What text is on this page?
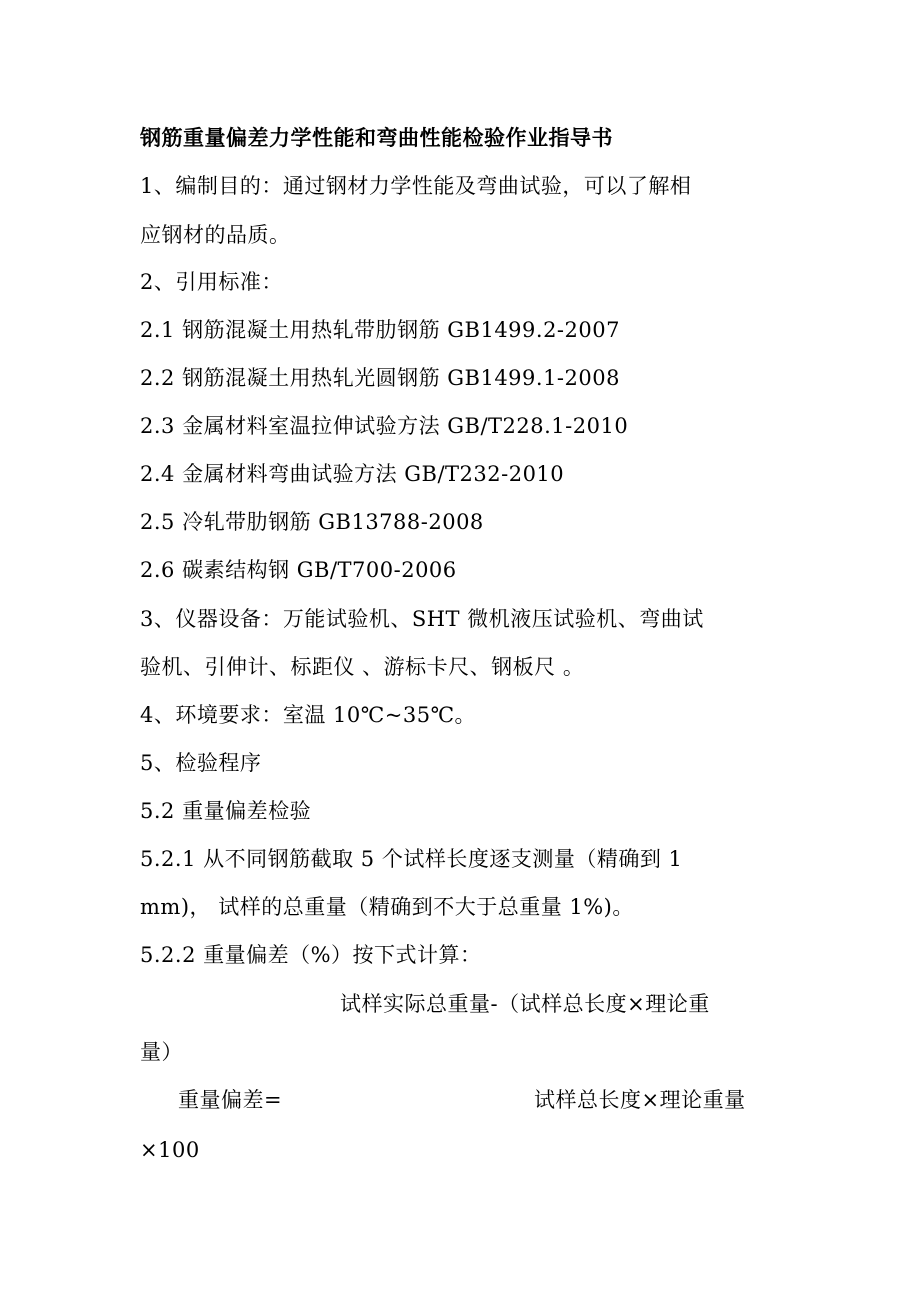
钢筋重量偏差力学性能和弯曲性能检验作业指导书
1、编制目的：通过钢材力学性能及弯曲试验，可以了解相
应钢材的品质。
2、引用标准：
2.1 钢筋混凝土用热轧带肋钢筋 GB1499.2-2007
2.2 钢筋混凝土用热轧光圆钢筋 GB1499.1-2008
2.3 金属材料室温拉伸试验方法 GB/T228.1-2010
2.4 金属材料弯曲试验方法 GB/T232-2010
2.5 冷轧带肋钢筋 GB13788-2008
2.6 碳素结构钢 GB/T700-2006
3、仪器设备：万能试验机、SHT 微机液压试验机、弯曲试
验机、引伸计、标距仪 、游标卡尺、钢板尺 。
4、环境要求：室温 10℃~35℃。
5、检验程序
5.2 重量偏差检验
5.2.1 从不同钢筋截取 5 个试样长度逐支测量（精确到 1
mm)， 试样的总重量（精确到不大于总重量 1%)。
5.2.2 重量偏差（%）按下式计算：
试样实际总重量-（试样总长度×理论重
量）
重量偏差=	试样总长度×理论重量
×100
